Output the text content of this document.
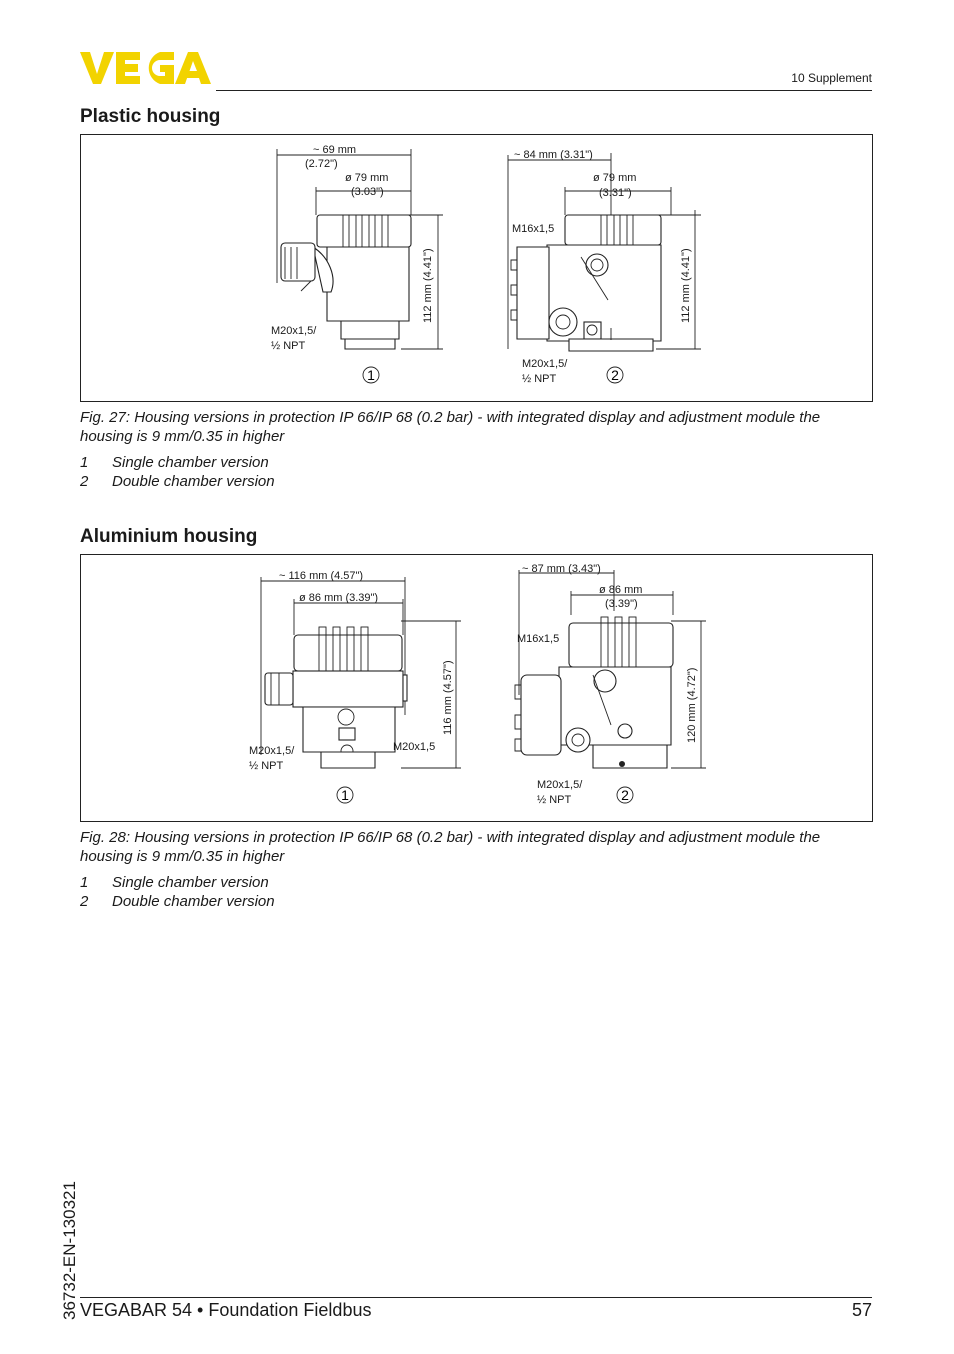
10 Supplement
Plastic housing
~ 69 mm
(2.72")
ø 79 mm
(3.03")
112 mm (4.41")
M20x1,5/
½ NPT
~ 84 mm (3.31")
ø 79 mm
(3.31")
M16x1,5
112 mm (4.41")
M20x1,5/
½ NPT
1	2
Fig. 27: Housing versions in protection IP 66/IP 68 (0.2 bar) - with integrated display and adjustment module the housing is 9 mm/0.35 in higher
1 Single chamber version
2 Double chamber version
Aluminium housing
~ 116 mm (4.57")
ø 86 mm (3.39")
116 mm (4.57")
M20x1,5/
½ NPT
M20x1,5
~ 87 mm (3.43")
ø 86 mm
(3.39")
M16x1,5
120 mm (4.72")
M20x1,5/
½ NPT
1	2
Fig. 28: Housing versions in protection IP 66/IP 68 (0.2 bar) - with integrated display and adjustment module the housing is 9 mm/0.35 in higher
1 Single chamber version
2 Double chamber version
36732-EN-130321 VEGABAR 54 • Foundation Fieldbus	57
